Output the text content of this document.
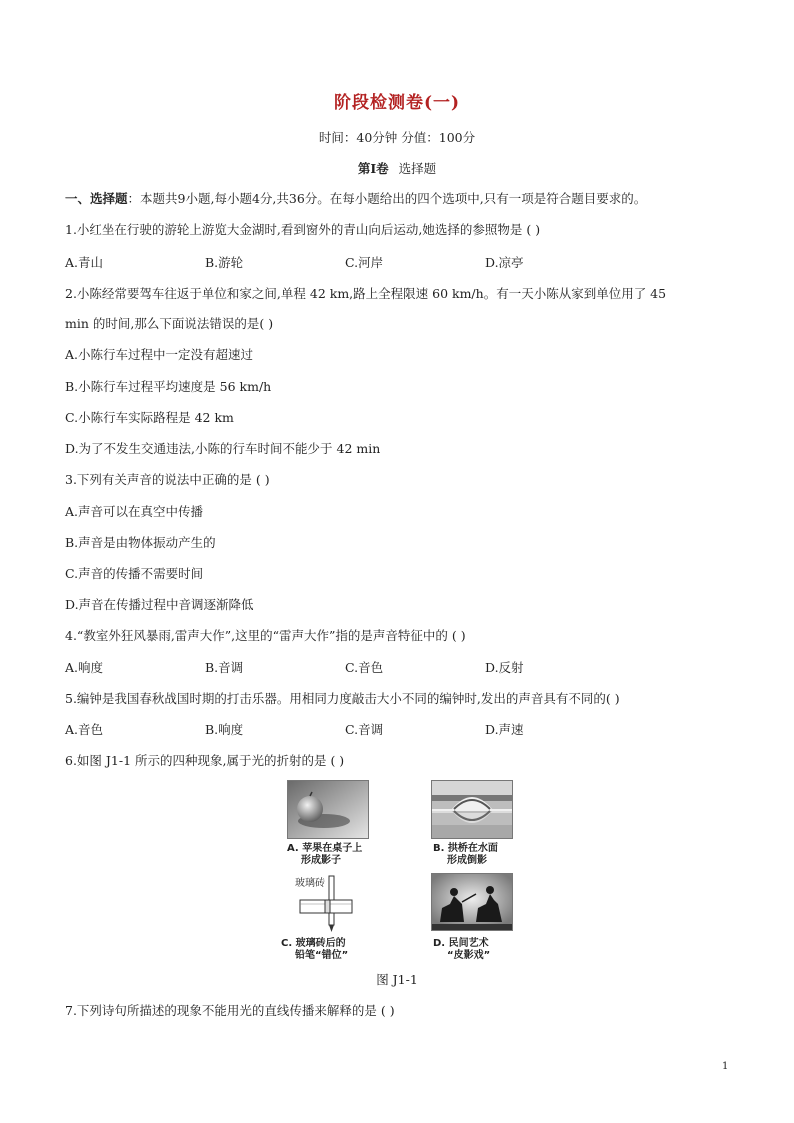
阶段检测卷(一)
时间：40分钟 分值：100分
第Ⅰ卷 选择题
一、选择题：本题共9小题,每小题4分,共36分。在每小题给出的四个选项中,只有一项是符合题目要求的。
1.小红坐在行驶的游轮上游览大金湖时,看到窗外的青山向后运动,她选择的参照物是 ( )
A.青山	B.游轮	C.河岸	D.凉亭
2.小陈经常要驾车往返于单位和家之间,单程 42 km,路上全程限速 60 km/h。有一天小陈从家到单位用了 45
min 的时间,那么下面说法错误的是( )
A.小陈行车过程中一定没有超速过
B.小陈行车过程平均速度是 56 km/h
C.小陈行车实际路程是 42 km
D.为了不发生交通违法,小陈的行车时间不能少于 42 min
3.下列有关声音的说法中正确的是 ( )
A.声音可以在真空中传播
B.声音是由物体振动产生的
C.声音的传播不需要时间
D.声音在传播过程中音调逐渐降低
4.“教室外狂风暴雨,雷声大作”,这里的“雷声大作”指的是声音特征中的 ( )
A.响度	B.音调	C.音色	D.反射
5.编钟是我国春秋战国时期的打击乐器。用相同力度敲击大小不同的编钟时,发出的声音具有不同的( )
A.音色	B.响度	C.音调	D.声速
6.如图 J1-1 所示的四种现象,属于光的折射的是 ( )
A. 苹果在桌子上
形成影子
B. 拱桥在水面
形成倒影
玻璃砖
C. 玻璃砖后的
铅笔“错位”
D. 民间艺术
“皮影戏”
图 J1-1
7.下列诗句所描述的现象不能用光的直线传播来解释的是 ( )
1
